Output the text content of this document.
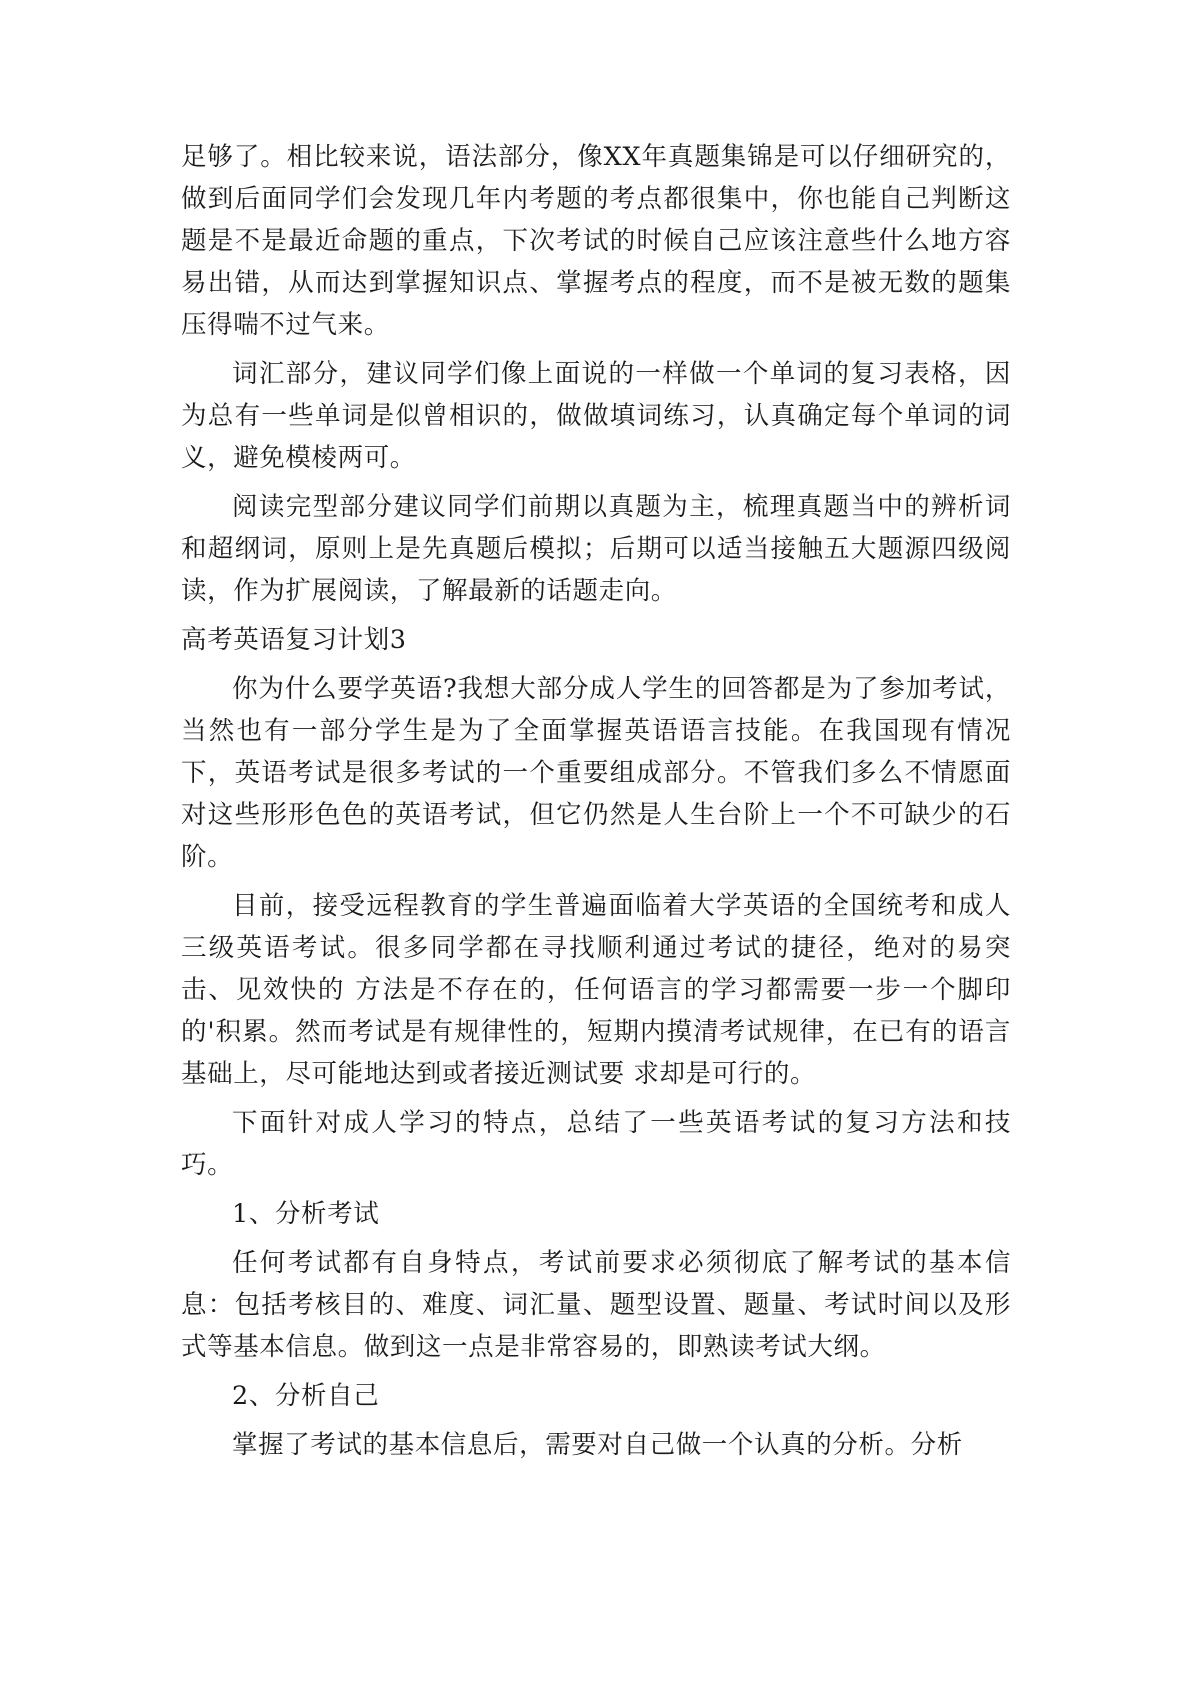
足够了。相比较来说，语法部分，像XX年真题集锦是可以仔细研究的，做到后面同学们会发现几年内考题的考点都很集中，你也能自己判断这题是不是最近命题的重点，下次考试的时候自己应该注意些什么地方容易出错，从而达到掌握知识点、掌握考点的程度，而不是被无数的题集压得喘不过气来。

词汇部分，建议同学们像上面说的一样做一个单词的复习表格，因为总有一些单词是似曾相识的，做做填词练习，认真确定每个单词的词义，避免模棱两可。

阅读完型部分建议同学们前期以真题为主，梳理真题当中的辨析词和超纲词，原则上是先真题后模拟；后期可以适当接触五大题源四级阅读，作为扩展阅读，了解最新的话题走向。

高考英语复习计划3

你为什么要学英语?我想大部分成人学生的回答都是为了参加考试，当然也有一部分学生是为了全面掌握英语语言技能。在我国现有情况下，英语考试是很多考试的一个重要组成部分。不管我们多么不情愿面对这些形形色色的英语考试，但它仍然是人生台阶上一个不可缺少的石阶。

目前，接受远程教育的学生普遍面临着大学英语的全国统考和成人三级英语考试。很多同学都在寻找顺利通过考试的捷径，绝对的易突击、见效快的 方法是不存在的，任何语言的学习都需要一步一个脚印的'积累。然而考试是有规律性的，短期内摸清考试规律，在已有的语言基础上，尽可能地达到或者接近测试要 求却是可行的。

下面针对成人学习的特点，总结了一些英语考试的复习方法和技巧。

1、分析考试

任何考试都有自身特点，考试前要求必须彻底了解考试的基本信息：包括考核目的、难度、词汇量、题型设置、题量、考试时间以及形式等基本信息。做到这一点是非常容易的，即熟读考试大纲。

2、分析自己

掌握了考试的基本信息后，需要对自己做一个认真的分析。分析
